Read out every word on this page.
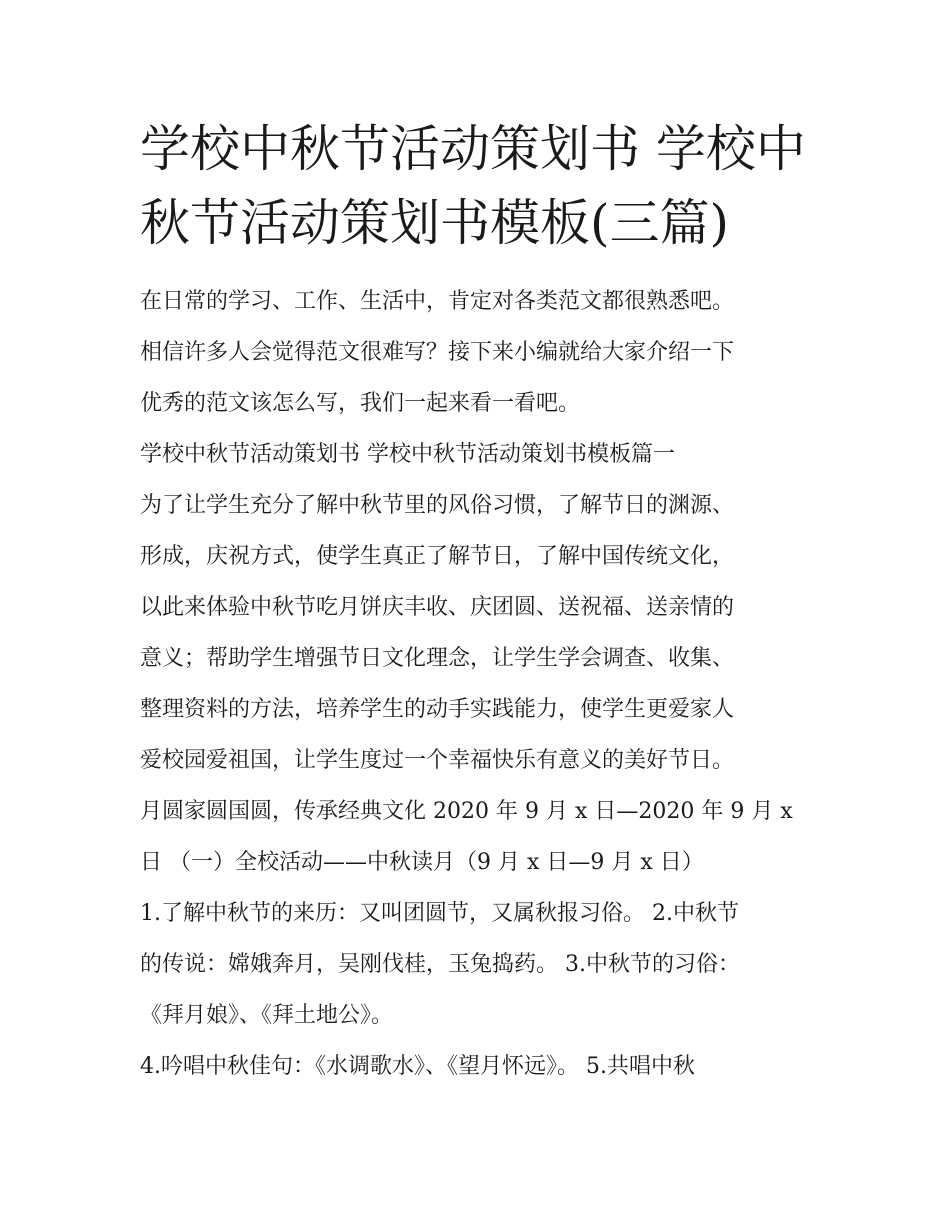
学校中秋节活动策划书 学校中
秋节活动策划书模板(三篇)
在日常的学习、工作、生活中，肯定对各类范文都很熟悉吧。
相信许多人会觉得范文很难写？接下来小编就给大家介绍一下
优秀的范文该怎么写，我们一起来看一看吧。
学校中秋节活动策划书 学校中秋节活动策划书模板篇一
为了让学生充分了解中秋节里的风俗习惯，了解节日的渊源、
形成，庆祝方式，使学生真正了解节日，了解中国传统文化，
以此来体验中秋节吃月饼庆丰收、庆团圆、送祝福、送亲情的
意义；帮助学生增强节日文化理念，让学生学会调查、收集、
整理资料的方法，培养学生的动手实践能力，使学生更爱家人
爱校园爱祖国，让学生度过一个幸福快乐有意义的美好节日。
月圆家圆国圆，传承经典文化 2020 年 9 月 x 日—2020 年 9 月 x
日 （一）全校活动——中秋读月（9 月 x 日—9 月 x 日）
1.了解中秋节的来历：又叫团圆节，又属秋报习俗。 2.中秋节
的传说：嫦娥奔月，吴刚伐桂，玉兔捣药。 3.中秋节的习俗：
《拜月娘》、《拜土地公》。
4.吟唱中秋佳句：《水调歌水》、《望月怀远》。 5.共唱中秋
